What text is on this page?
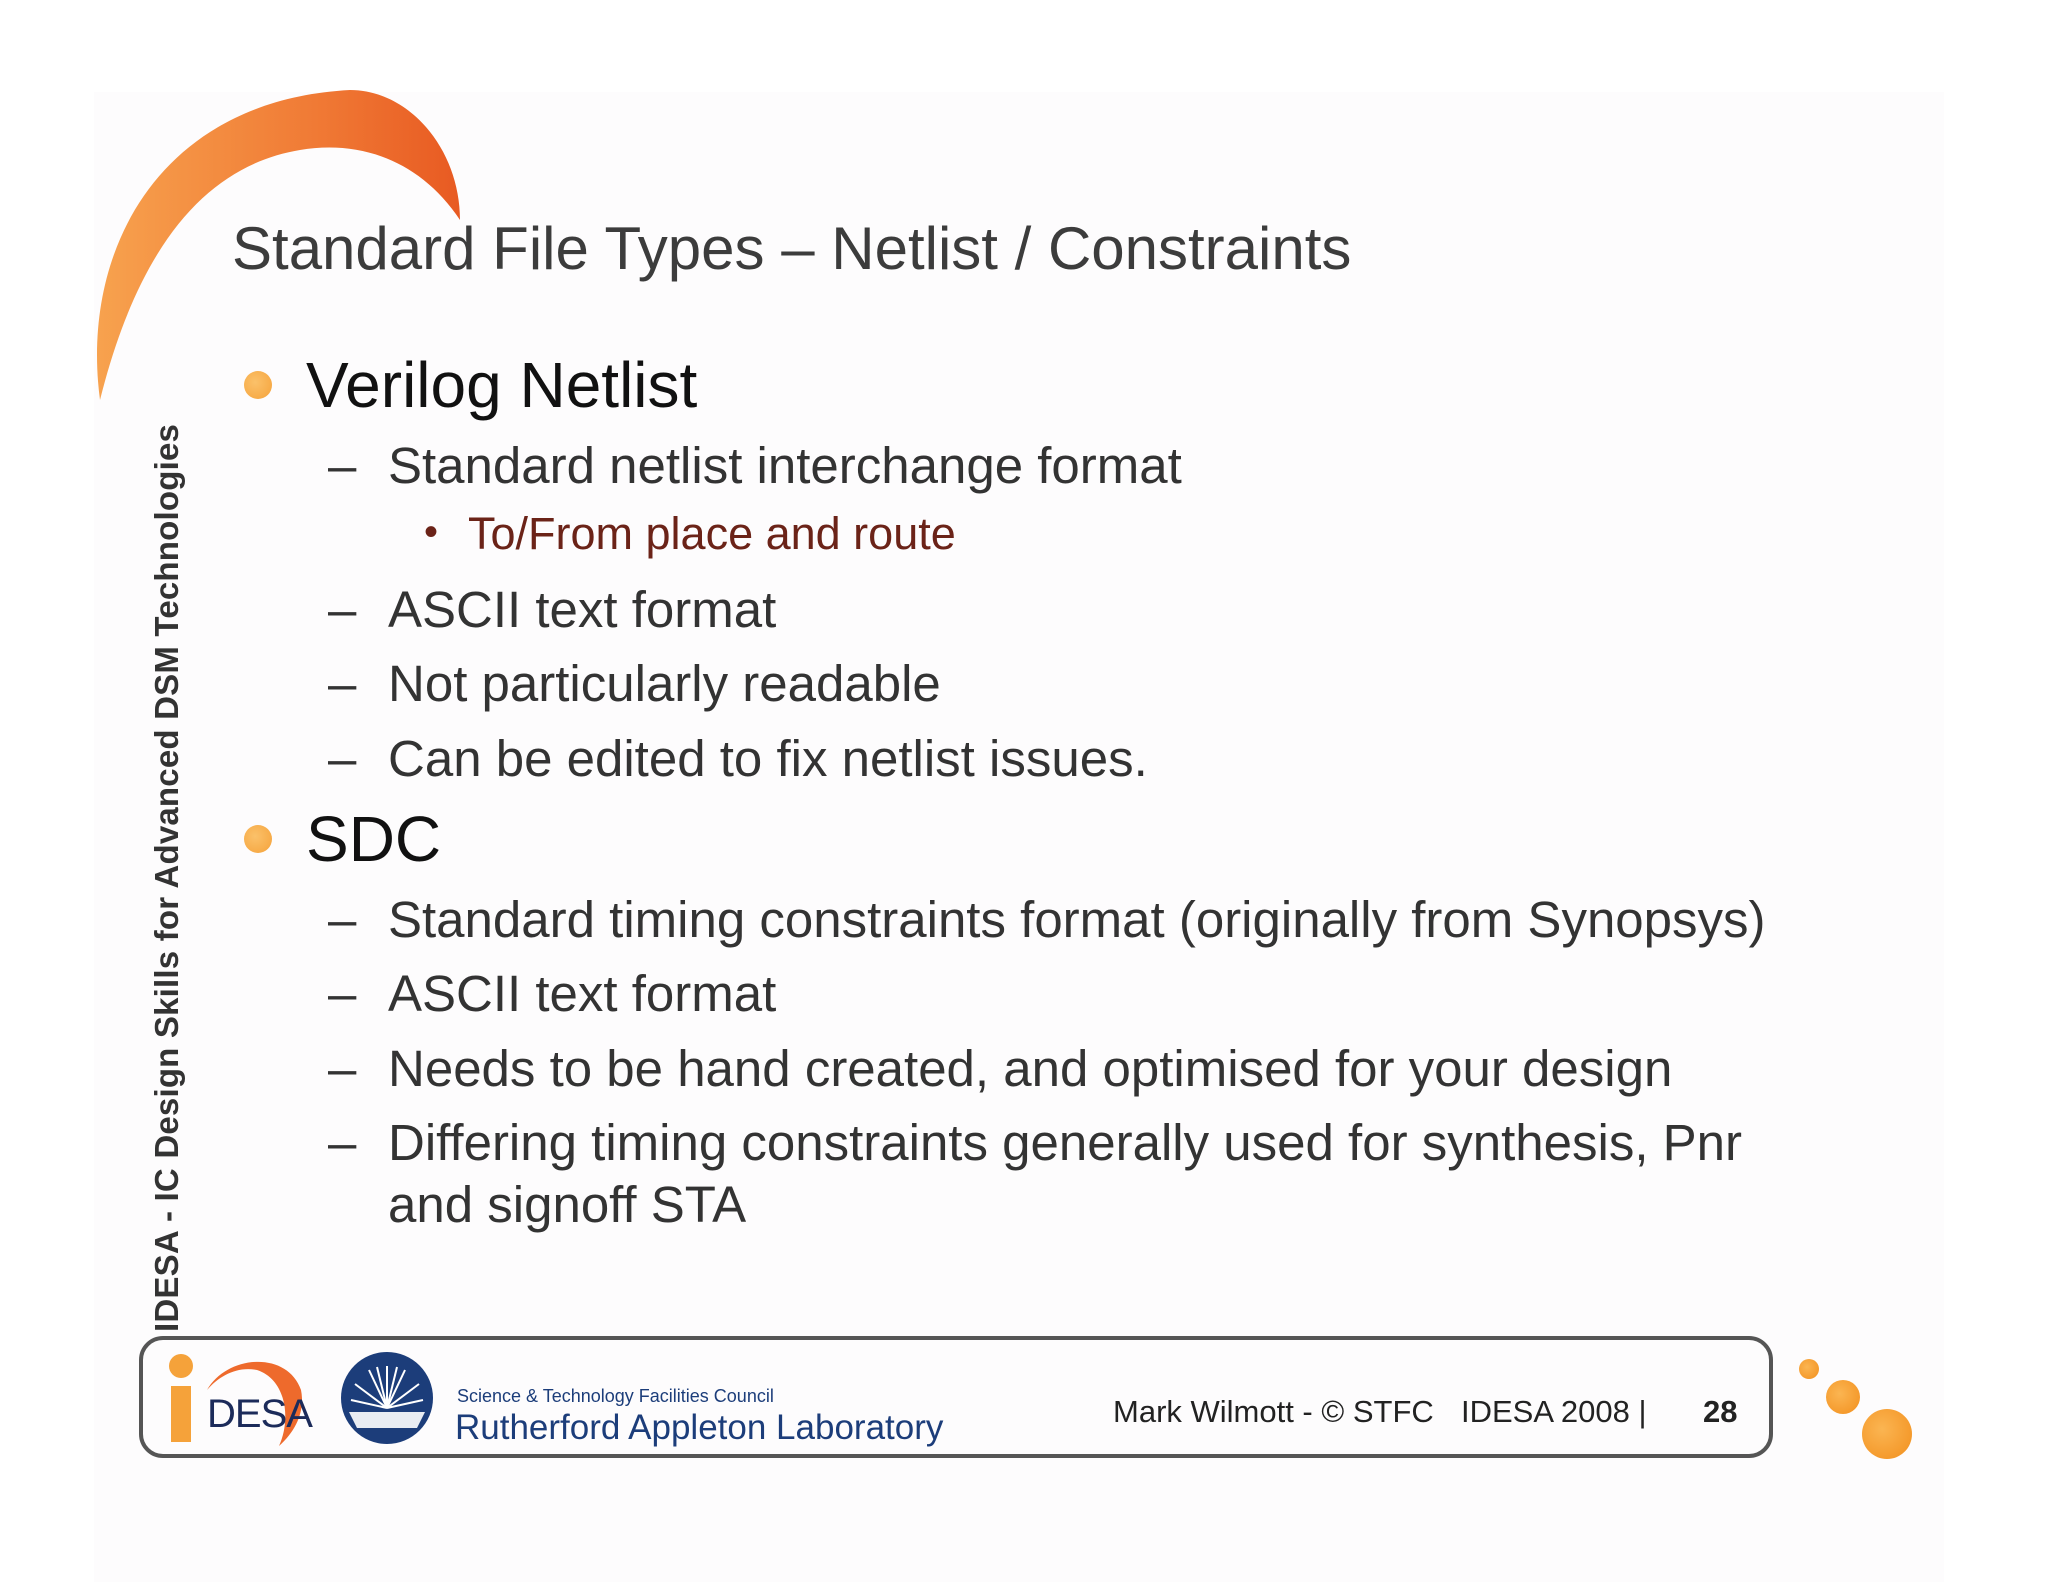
IDESA - IC Design Skills for Advanced DSM Technologies
Standard File Types – Netlist / Constraints
Verilog Netlist
– Standard netlist interchange format
• To/From place and route
– ASCII text format
– Not particularly readable
– Can be edited to fix netlist issues.
SDC
– Standard timing constraints format (originally from Synopsys)
– ASCII text format
– Needs to be hand created, and optimised for your design
– Differing timing constraints generally used for synthesis, Pnr
and signoff STA
DESA	Science & Technology Facilities Council
Rutherford Appleton Laboratory	Mark Wilmott - © STFC IDESA 2008 | 28
